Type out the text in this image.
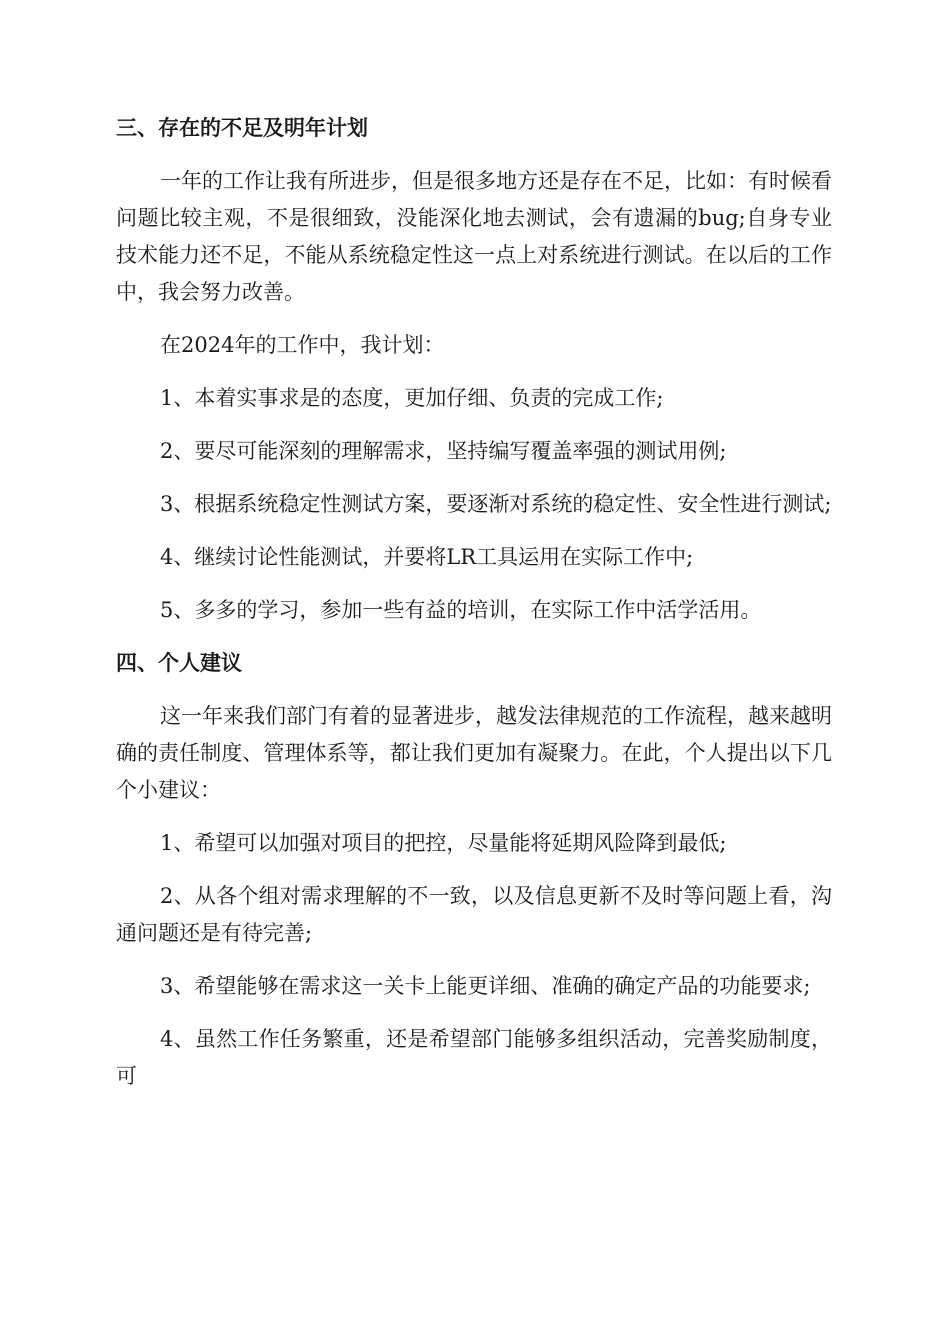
三、存在的不足及明年计划

一年的工作让我有所进步，但是很多地方还是存在不足，比如：有时候看问题比较主观，不是很细致，没能深化地去测试，会有遗漏的bug;自身专业技术能力还不足，不能从系统稳定性这一点上对系统进行测试。在以后的工作中，我会努力改善。

在2024年的工作中，我计划：

1、本着实事求是的态度，更加仔细、负责的完成工作;

2、要尽可能深刻的理解需求，坚持编写覆盖率强的测试用例;

3、根据系统稳定性测试方案，要逐渐对系统的稳定性、安全性进行测试;

4、继续讨论性能测试，并要将LR工具运用在实际工作中;

5、多多的学习，参加一些有益的培训，在实际工作中活学活用。

四、个人建议

这一年来我们部门有着的显著进步，越发法律规范的工作流程，越来越明确的责任制度、管理体系等，都让我们更加有凝聚力。在此，个人提出以下几个小建议：

1、希望可以加强对项目的把控，尽量能将延期风险降到最低;

2、从各个组对需求理解的不一致，以及信息更新不及时等问题上看，沟通问题还是有待完善;

3、希望能够在需求这一关卡上能更详细、准确的确定产品的功能要求;

4、虽然工作任务繁重，还是希望部门能够多组织活动，完善奖励制度，可
